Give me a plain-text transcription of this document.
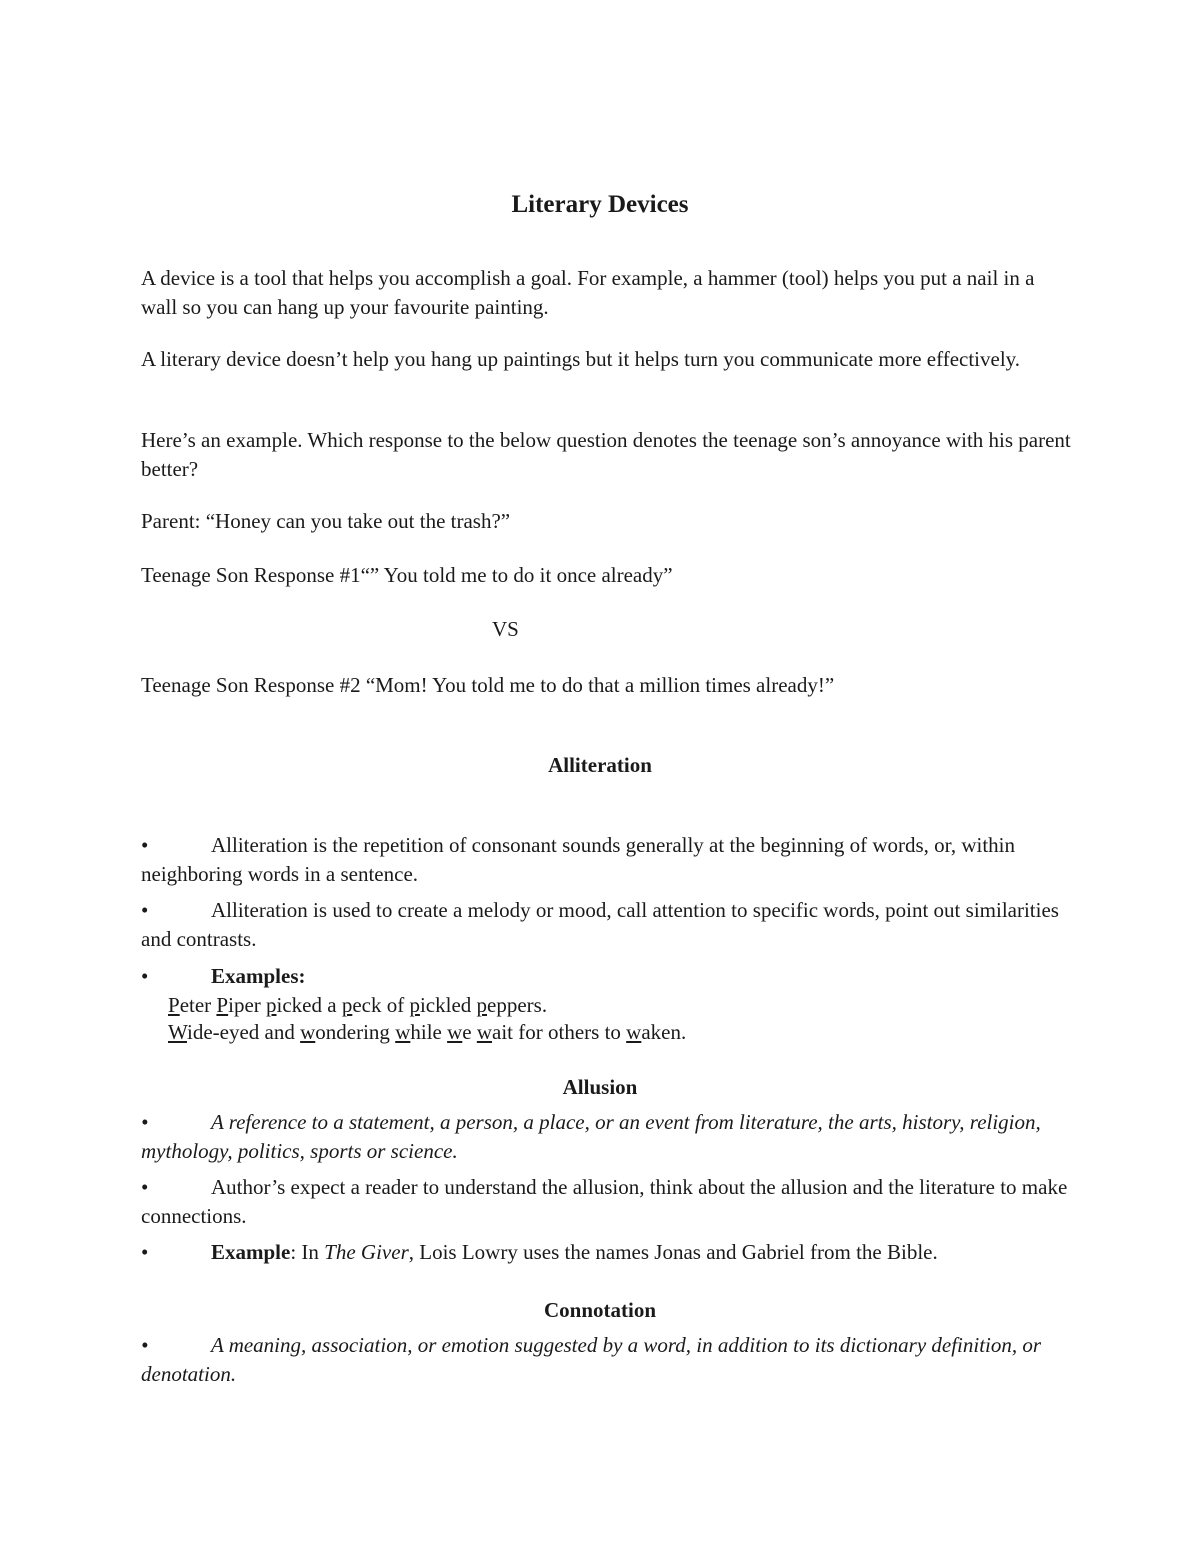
Literary Devices

A device is a tool that helps you accomplish a goal. For example, a hammer (tool) helps you put a nail in a wall so you can hang up your favourite painting.

A literary device doesn’t help you hang up paintings but it helps turn you communicate more effectively.

Here’s an example. Which response to the below question denotes the teenage son’s annoyance with his parent better?

Parent: “Honey can you take out the trash?”

Teenage Son Response #1“” You told me to do it once already”

VS

Teenage Son Response #2 “Mom! You told me to do that a million times already!”

Alliteration

•	Alliteration is the repetition of consonant sounds generally at the beginning of words, or, within neighboring words in a sentence.

•	Alliteration is used to create a melody or mood, call attention to specific words, point out similarities and contrasts.

•	Examples:

Peter Piper picked a peck of pickled peppers.

Wide-eyed and wondering while we wait for others to waken.

Allusion

•	A reference to a statement, a person, a place, or an event from literature, the arts, history, religion, mythology, politics, sports or science.

•	Author’s expect a reader to understand the allusion, think about the allusion and the literature to make connections.

•	Example: In The Giver, Lois Lowry uses the names Jonas and Gabriel from the Bible.

Connotation

•	A meaning, association, or emotion suggested by a word, in addition to its dictionary definition, or denotation.
